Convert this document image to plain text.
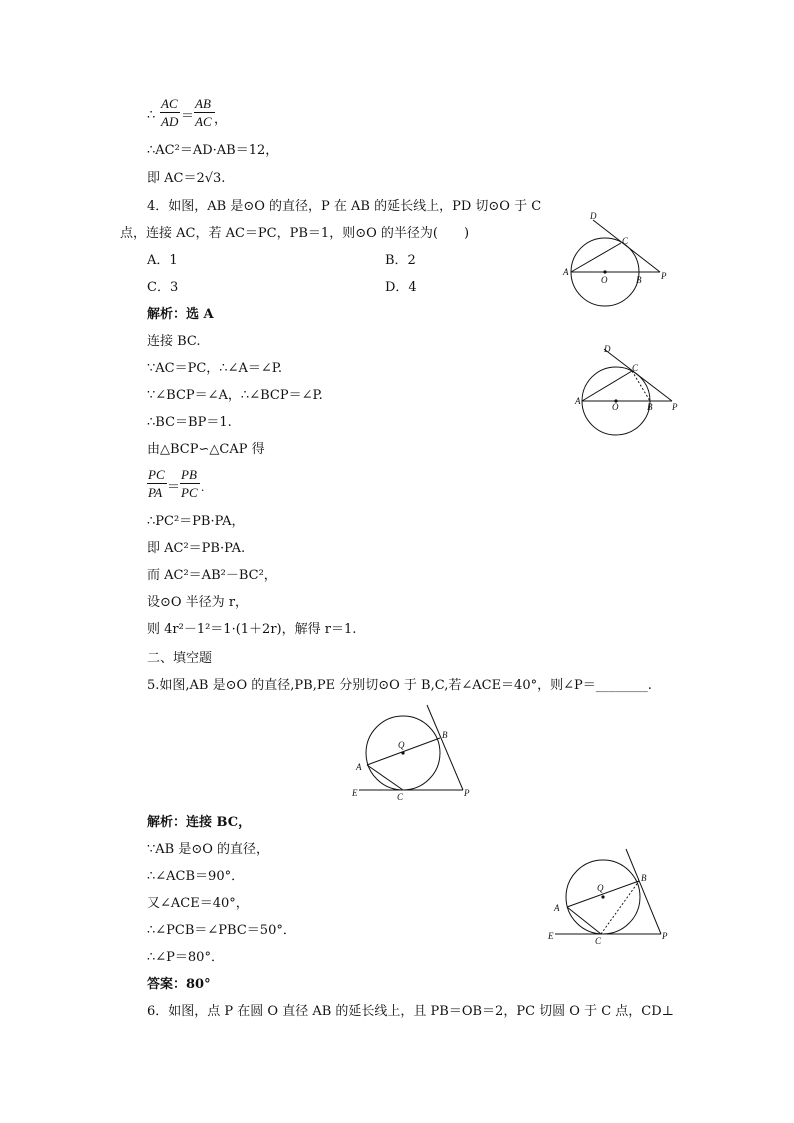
∴
AC
AD ＝
AB
AC ，
∴AC²＝AD·AB＝12，
即 AC＝2√3.
4．如图，AB 是⊙O 的直径，P 在 AB 的延长线上，PD 切⊙O 于 C
点，连接 AC，若 AC＝PC，PB＝1，则⊙O 的半径为(　　)
A．1	B．2
C．3	D．4
解析：选 A
连接 BC.
∵AC＝PC，∴∠A＝∠P.
∵∠BCP＝∠A，∴∠BCP＝∠P.
∴BC＝BP＝1.
由△BCP∽△CAP 得
PC
PA ＝
PB
PC .
∴PC²＝PB·PA，
即 AC²＝PB·PA.
而 AC²＝AB²－BC²，
设⊙O 半径为 r，
则 4r²－1²＝1·(1＋2r)，解得 r＝1.
D
C
A
O	B P
D
C
A
O	B P
二、填空题
5.如图,AB 是⊙O 的直径,PB,PE 分别切⊙O 于 B,C,若∠ACE＝40°，则∠P＝________.
Q
B
A
E	C	P
解析：连接 BC，
∵AB 是⊙O 的直径，
∴∠ACB＝90°．
又∠ACE＝40°，
∴∠PCB＝∠PBC＝50°．
∴∠P＝80°．
答案：80°
Q
B
A
E	C	P
6．如图，点 P 在圆 O 直径 AB 的延长线上，且 PB＝OB＝2，PC 切圆 O 于 C 点，CD⊥
